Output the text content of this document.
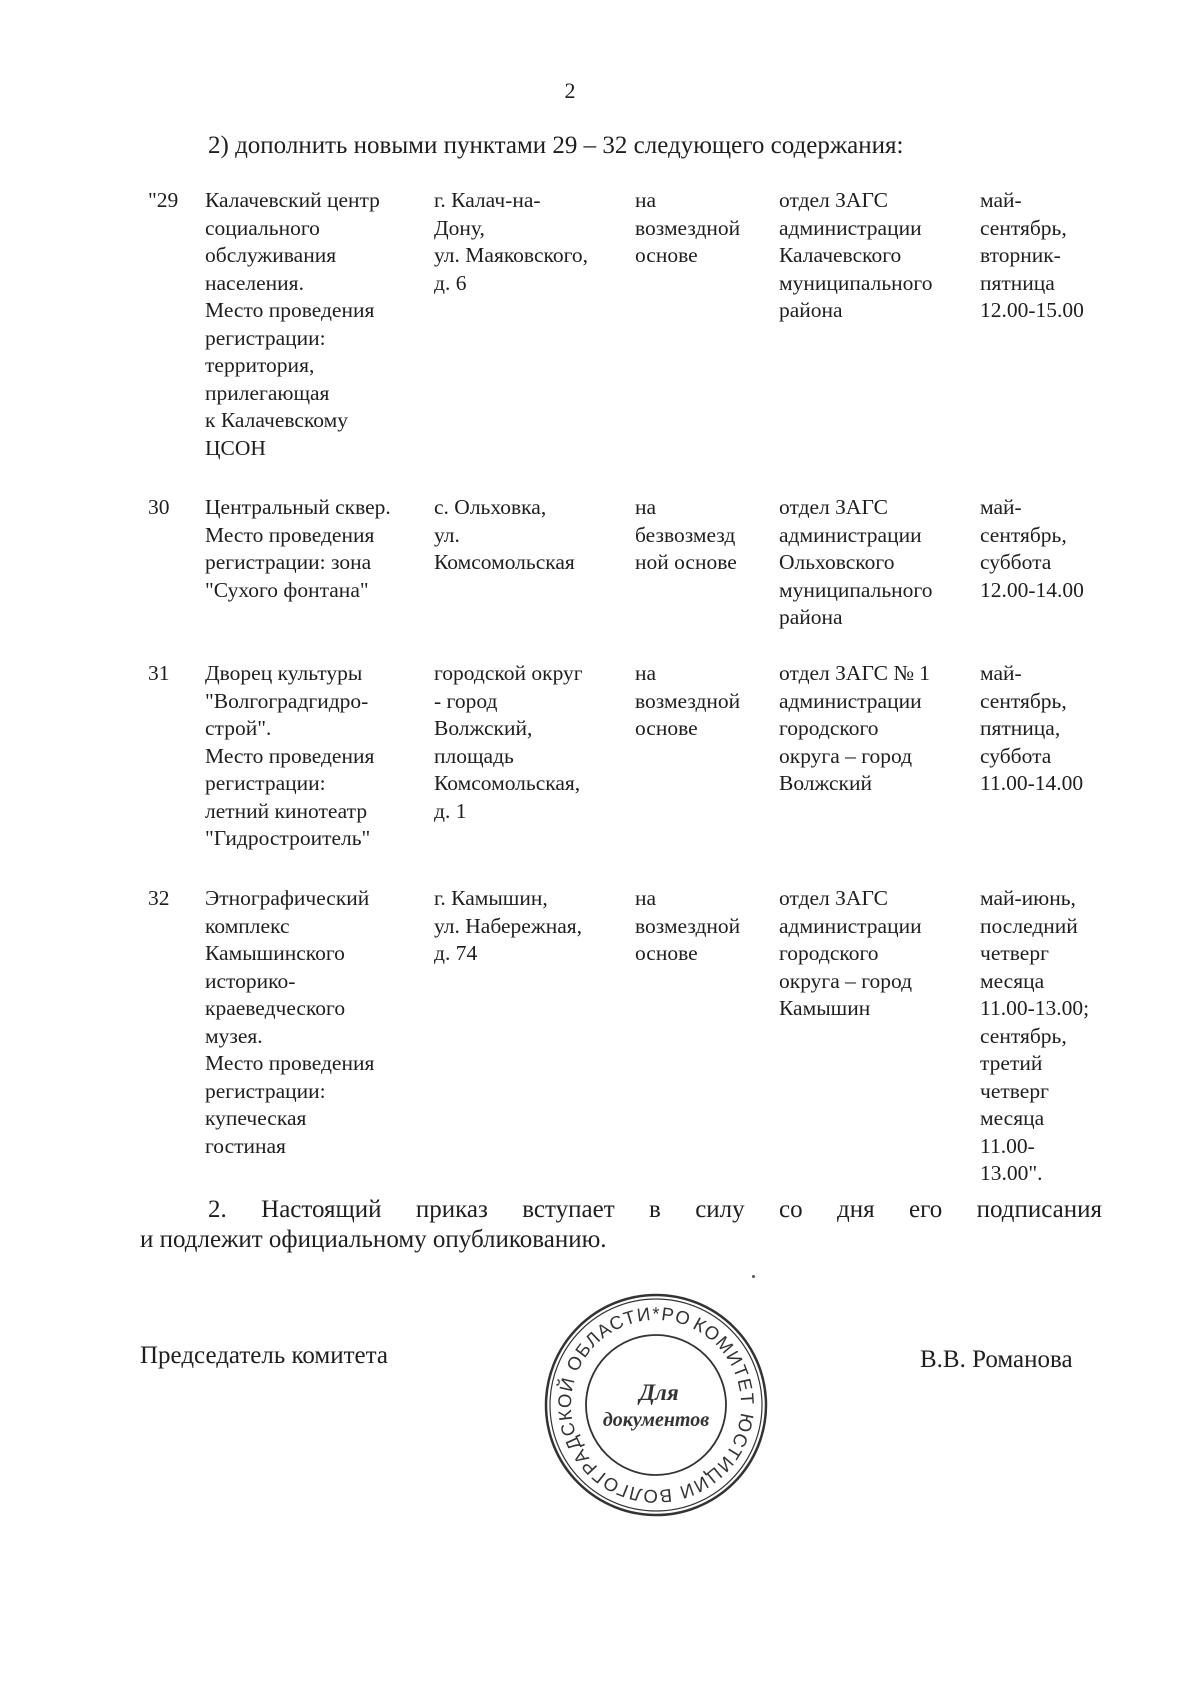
2
2) дополнить новыми пунктами 29 – 32 следующего содержания:
"29 Калачевский центр
социального
обслуживания
населения.
Место проведения
регистрации:
территория,
прилегающая
к Калачевскому
ЦСОН
г. Калач-на-
Дону,
ул. Маяковского,
д. 6
на
возмездной
основе
отдел ЗАГС
администрации
Калачевского
муниципального
района
май-
сентябрь,
вторник-
пятница
12.00-15.00
30 Центральный сквер.
Место проведения
регистрации: зона
"Сухого фонтана"
с. Ольховка,
ул.
Комсомольская
на
безвозмезд
ной основе
отдел ЗАГС
администрации
Ольховского
муниципального
района
май-
сентябрь,
суббота
12.00-14.00
31 Дворец культуры
"Волгоградгидро-
строй".
Место проведения
регистрации:
летний кинотеатр
"Гидростроитель"
городской округ
- город
Волжский,
площадь
Комсомольская,
д. 1
на
возмездной
основе
отдел ЗАГС № 1
администрации
городского
округа – город
Волжский
май-
сентябрь,
пятница,
суббота
11.00-14.00
32 Этнографический
комплекс
Камышинского
историко-
краеведческого
музея.
Место проведения
регистрации:
купеческая
гостиная
г. Камышин,
ул. Набережная,
д. 74
на
возмездной
основе
отдел ЗАГС
администрации
городского
округа – город
Камышин
май-июнь,
последний
четверг
месяца
11.00-13.00;
сентябрь,
третий
четверг
месяца
11.00-
13.00".
2. Настоящий приказ вступает в силу со дня его подписания
и подлежит официальному опубликованию.
Председатель комитета	В.В. Романова
КОМИТЕТ ЮСТИЦИИ ВОЛГОГРАДСКОЙ ОБЛАСТИ*РОССИЯ*
Для
документов
